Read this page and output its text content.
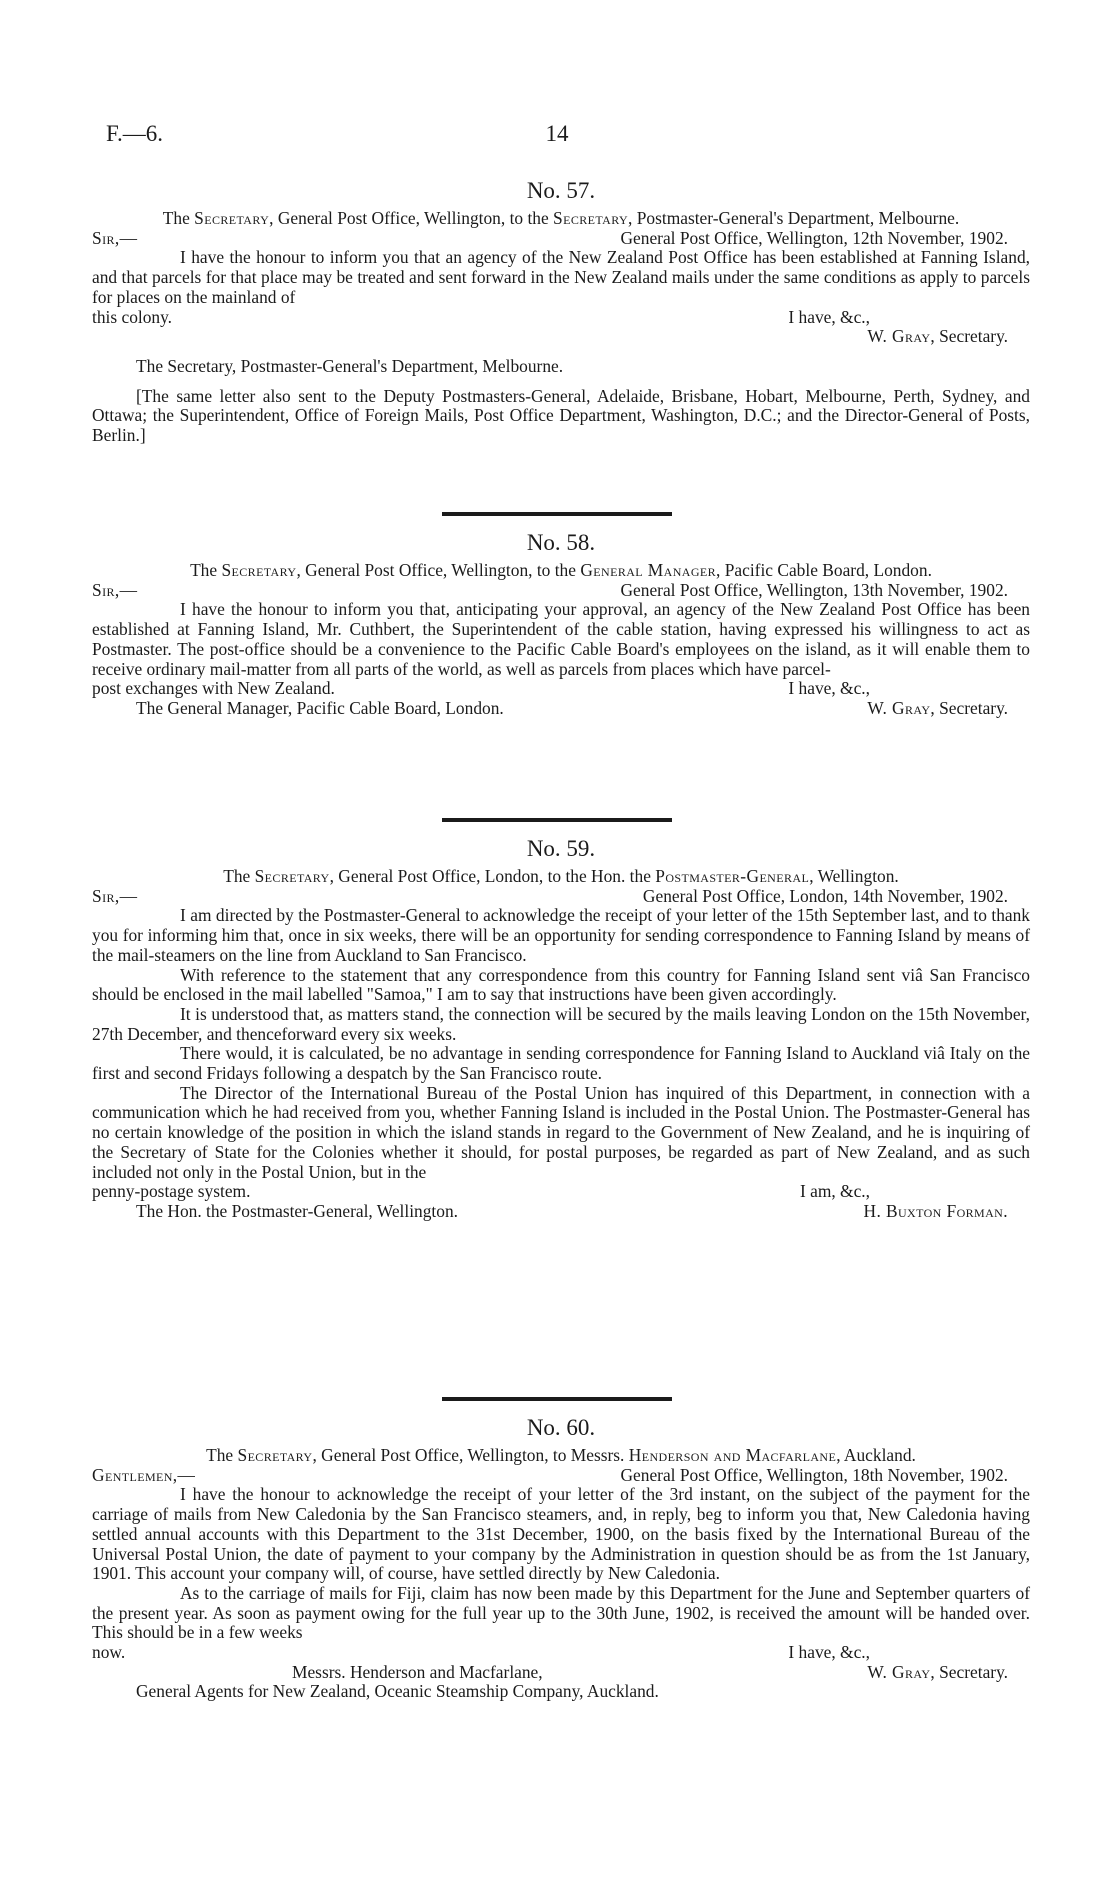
F.—6.	14
No. 57.
The Secretary, General Post Office, Wellington, to the Secretary, Postmaster-General's Department, Melbourne.
Sir,—	General Post Office, Wellington, 12th November, 1902.

I have the honour to inform you that an agency of the New Zealand Post Office has been established at Fanning Island, and that parcels for that place may be treated and sent forward in the New Zealand mails under the same conditions as apply to parcels for places on the mainland of

this colony.	I have, &c.,
W. Gray, Secretary.
The Secretary, Postmaster-General's Department, Melbourne.

[The same letter also sent to the Deputy Postmasters-General, Adelaide, Brisbane, Hobart, Melbourne, Perth, Sydney, and Ottawa; the Superintendent, Office of Foreign Mails, Post Office Department, Washington, D.C.; and the Director-General of Posts, Berlin.]

No. 58.
The Secretary, General Post Office, Wellington, to the General Manager, Pacific Cable Board, London.
Sir,—	General Post Office, Wellington, 13th November, 1902.

I have the honour to inform you that, anticipating your approval, an agency of the New Zealand Post Office has been established at Fanning Island, Mr. Cuthbert, the Superintendent of the cable station, having expressed his willingness to act as Postmaster. The post-office should be a convenience to the Pacific Cable Board's employees on the island, as it will enable them to receive ordinary mail-matter from all parts of the world, as well as parcels from places which have parcel-

post exchanges with New Zealand.	I have, &c.,
The General Manager, Pacific Cable Board, London.	W. Gray, Secretary.
No. 59.
The Secretary, General Post Office, London, to the Hon. the Postmaster-General, Wellington.
Sir,—	General Post Office, London, 14th November, 1902.

I am directed by the Postmaster-General to acknowledge the receipt of your letter of the 15th September last, and to thank you for informing him that, once in six weeks, there will be an opportunity for sending correspondence to Fanning Island by means of the mail-steamers on the line from Auckland to San Francisco.

With reference to the statement that any correspondence from this country for Fanning Island sent viâ San Francisco should be enclosed in the mail labelled "Samoa," I am to say that instructions have been given accordingly.

It is understood that, as matters stand, the connection will be secured by the mails leaving London on the 15th November, 27th December, and thenceforward every six weeks.

There would, it is calculated, be no advantage in sending correspondence for Fanning Island to Auckland viâ Italy on the first and second Fridays following a despatch by the San Francisco route.

The Director of the International Bureau of the Postal Union has inquired of this Department, in connection with a communication which he had received from you, whether Fanning Island is included in the Postal Union. The Postmaster-General has no certain knowledge of the position in which the island stands in regard to the Government of New Zealand, and he is inquiring of the Secretary of State for the Colonies whether it should, for postal purposes, be regarded as part of New Zealand, and as such included not only in the Postal Union, but in the

penny-postage system.	I am, &c.,
The Hon. the Postmaster-General, Wellington.	H. Buxton Forman.
No. 60.
The Secretary, General Post Office, Wellington, to Messrs. Henderson and Macfarlane, Auckland.
Gentlemen,—	General Post Office, Wellington, 18th November, 1902.

I have the honour to acknowledge the receipt of your letter of the 3rd instant, on the subject of the payment for the carriage of mails from New Caledonia by the San Francisco steamers, and, in reply, beg to inform you that, New Caledonia having settled annual accounts with this Department to the 31st December, 1900, on the basis fixed by the International Bureau of the Universal Postal Union, the date of payment to your company by the Administration in question should be as from the 1st January, 1901. This account your company will, of course, have settled directly by New Caledonia.

As to the carriage of mails for Fiji, claim has now been made by this Department for the June and September quarters of the present year. As soon as payment owing for the full year up to the 30th June, 1902, is received the amount will be handed over. This should be in a few weeks

now.	I have, &c.,
Messrs. Henderson and Macfarlane,	W. Gray, Secretary.
General Agents for New Zealand, Oceanic Steamship Company, Auckland.
